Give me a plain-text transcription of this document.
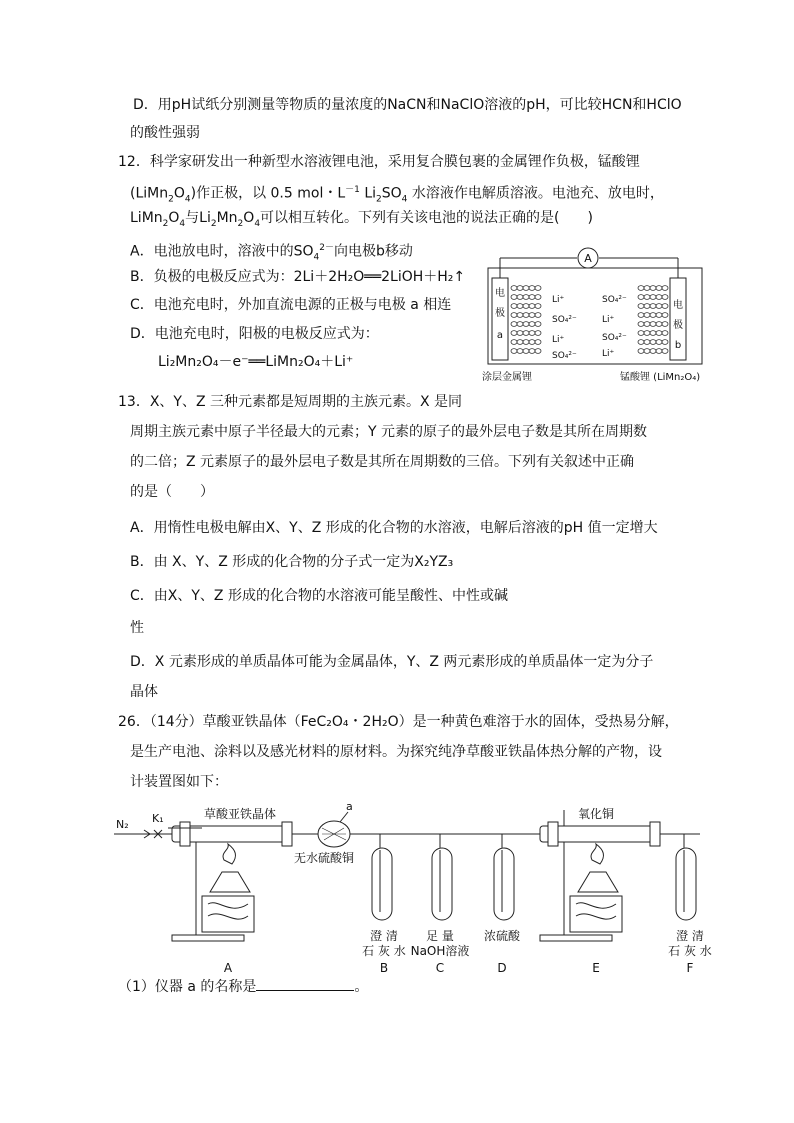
D．用pH试纸分别测量等物质的量浓度的NaCN和NaClO溶液的pH，可比较HCN和HClO
的酸性强弱
12．科学家研发出一种新型水溶液锂电池，采用复合膜包裹的金属锂作负极，锰酸锂
$(LiMn_2O_4)$作正极，以 0.5 mol・$L^{-1}$ $Li_2SO_4$ 水溶液作电解质溶液。电池充、放电时，
$LiMn_2O_4$与$Li_2Mn_2O_4$可以相互转化。下列有关该电池的说法正确的是(　　)
A．电池放电时，溶液中的$SO_4^{2-}$向电极b移动
B．负极的电极反应式为：2Li＋2H₂O══2LiOH＋H₂↑
C．电池充电时，外加直流电源的正极与电极 a 相连
D．电池充电时，阳极的电极反应式为：
Li₂Mn₂O₄－e⁻══LiMn₂O₄＋Li⁺
A
电
极
a
电
极
b
Li⁺
SO₄²⁻
Li⁺
SO₄²⁻
SO₄²⁻
Li⁺
SO₄²⁻
Li⁺
涂层金属锂	锰酸锂 (LiMn₂O₄)
13．X、Y、Z 三种元素都是短周期的主族元素。X 是同
周期主族元素中原子半径最大的元素；Y 元素的原子的最外层电子数是其所在周期数
的二倍；Z 元素原子的最外层电子数是其所在周期数的三倍。下列有关叙述中正确
的是（　　）
A．用惰性电极电解由X、Y、Z 形成的化合物的水溶液，电解后溶液的pH 值一定增大
B．由 X、Y、Z 形成的化合物的分子式一定为X₂YZ₃
C．由X、Y、Z 形成的化合物的水溶液可能呈酸性、中性或碱
性
D．X 元素形成的单质晶体可能为金属晶体，Y、Z 两元素形成的单质晶体一定为分子
晶体
26．（14分）草酸亚铁晶体（FeC₂O₄・2H₂O）是一种黄色难溶于水的固体，受热易分解，
是生产电池、涂料以及感光材料的原材料。为探究纯净草酸亚铁晶体热分解的产物，设
计装置图如下：
N₂ K₁	草酸亚铁晶体
a
无水硫酸铜
氧化铜
澄 清
石 灰 水
足 量
NaOH溶液
浓硫酸	澄 清
石 灰 水
A	B	C	D	E	F
（1）仪器 a 的名称是	。
